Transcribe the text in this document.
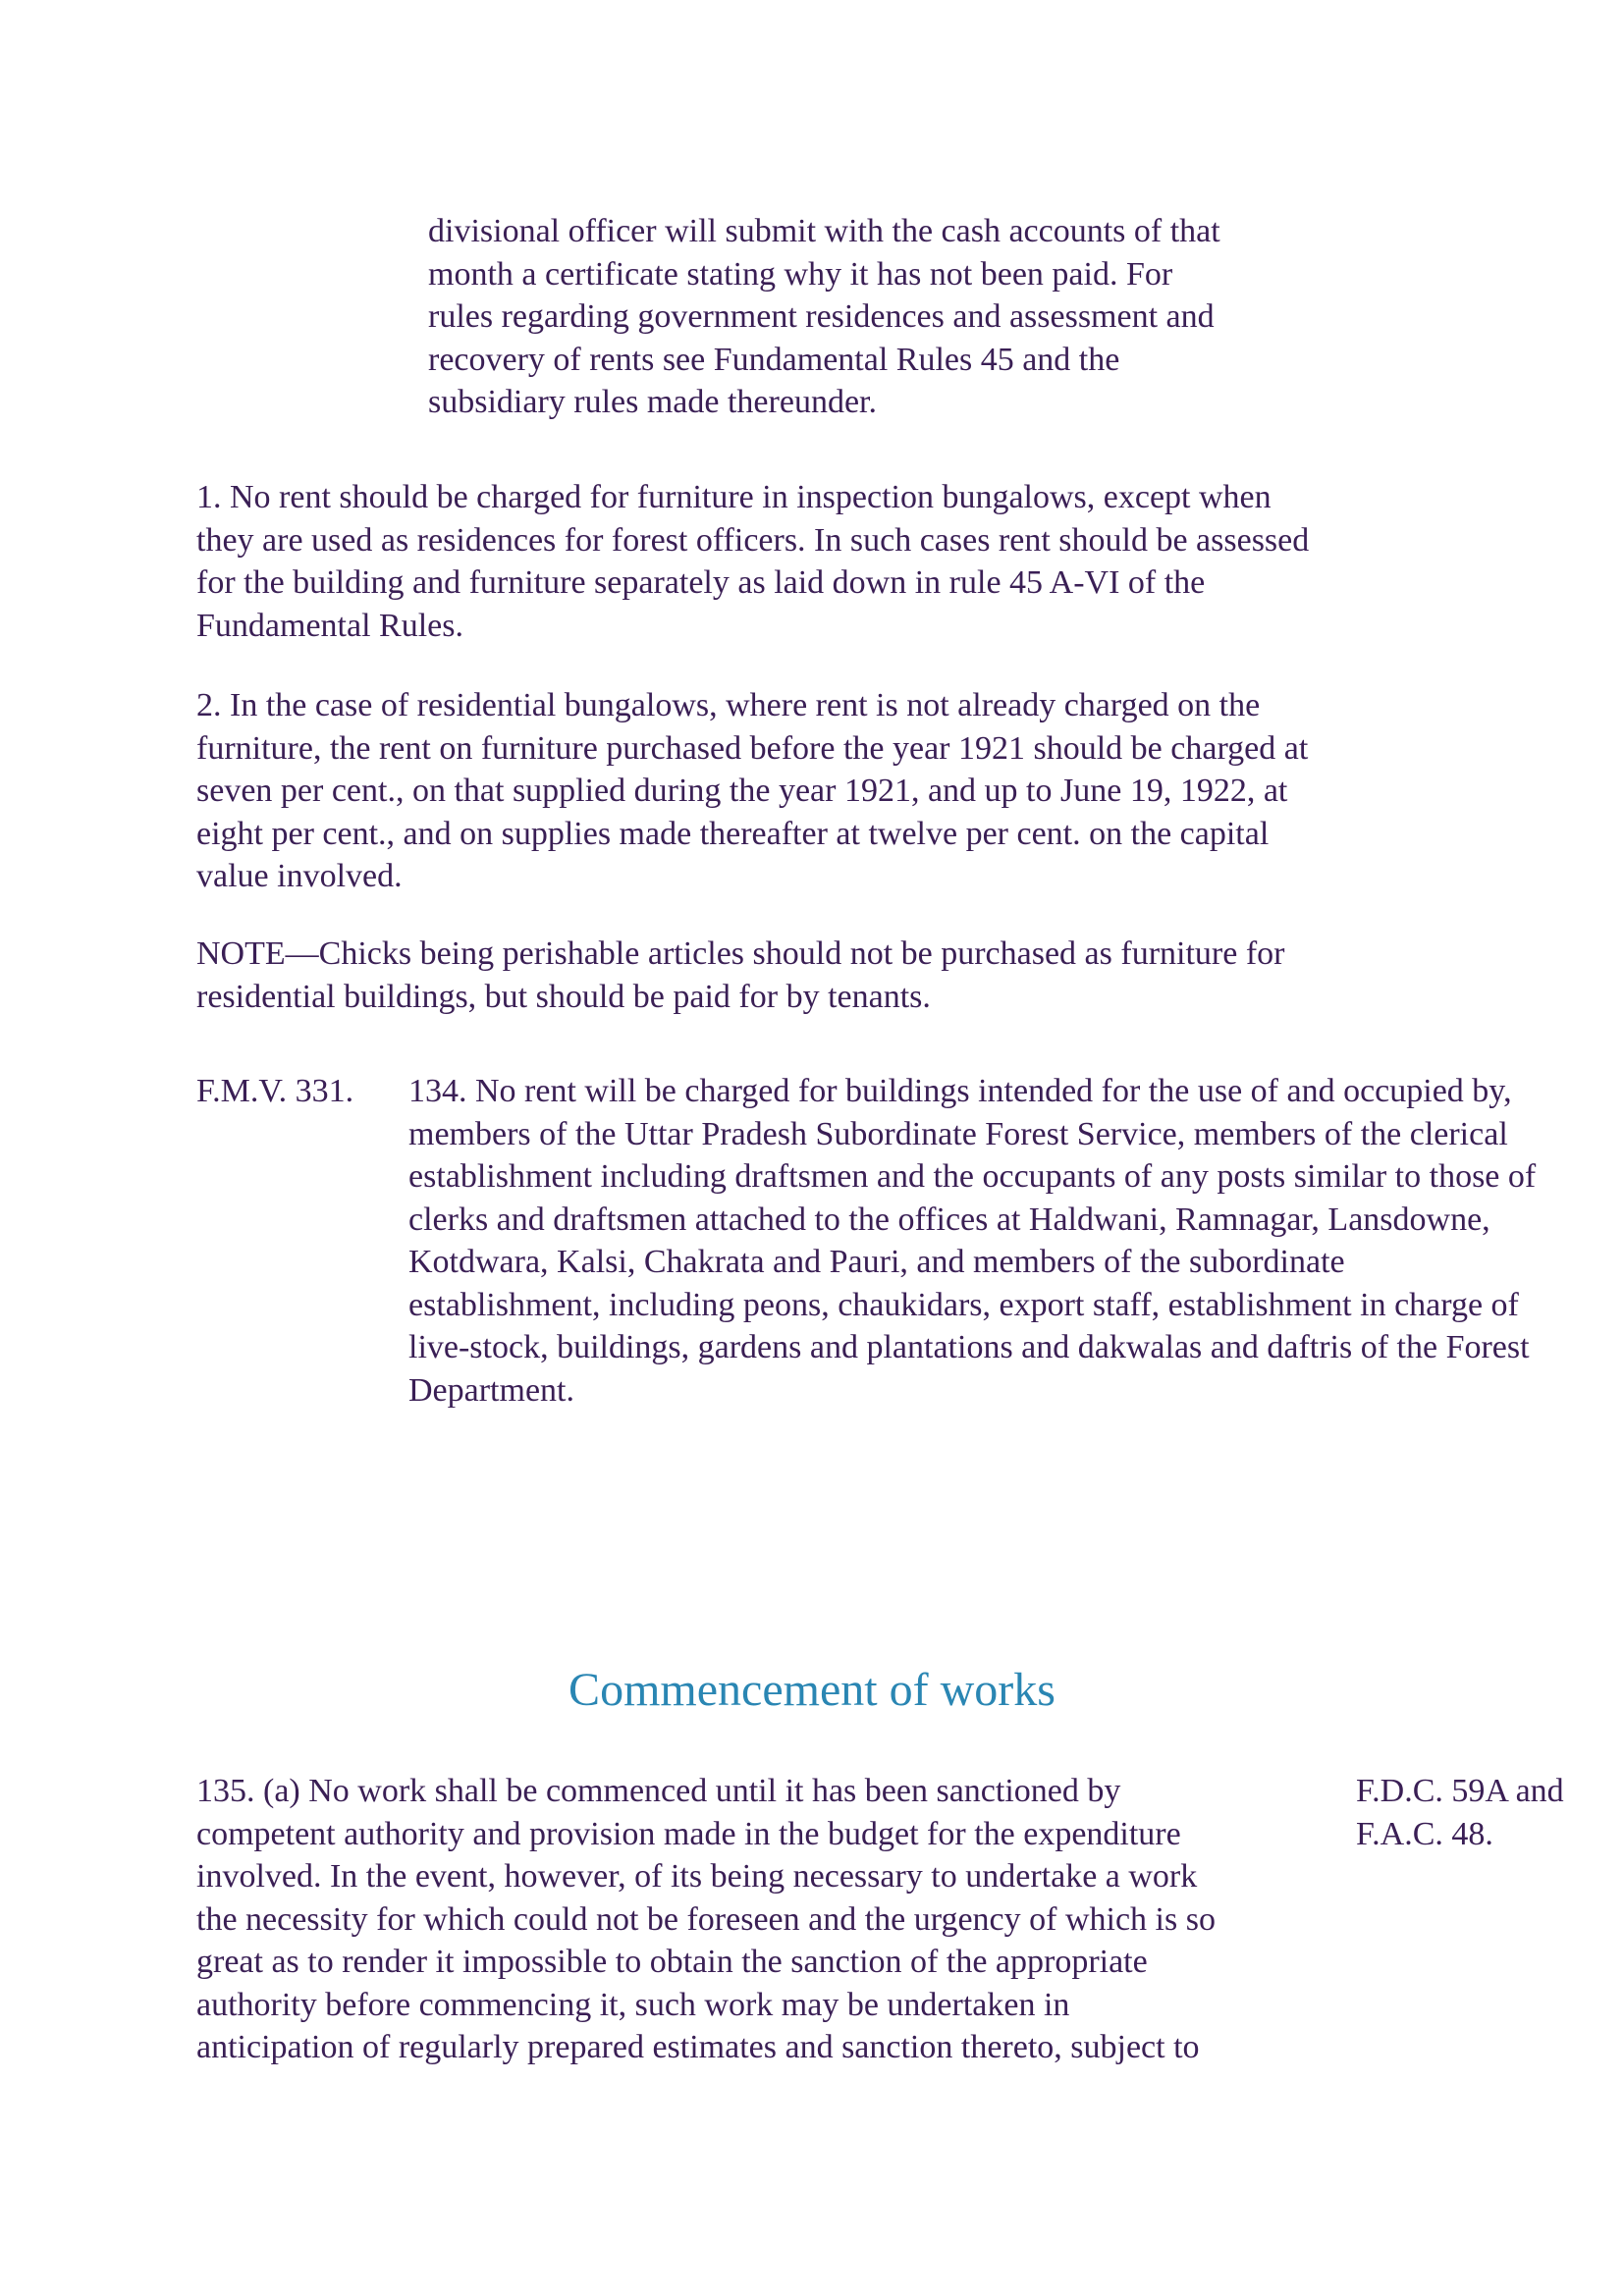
divisional officer will submit with the cash accounts of that
month a certificate stating why it has not been paid. For
rules regarding government residences and assessment and
recovery of rents see Fundamental Rules 45 and the
subsidiary rules made thereunder.
1. No rent should be charged for furniture in inspection bungalows, except when
they are used as residences for forest officers. In such cases rent should be assessed
for the building and furniture separately as laid down in rule 45 A-VI of the
Fundamental Rules.
2. In the case of residential bungalows, where rent is not already charged on the
furniture, the rent on furniture purchased before the year 1921 should be charged at
seven per cent., on that supplied during the year 1921, and up to June 19, 1922, at
eight per cent., and on supplies made thereafter at twelve per cent. on the capital
value involved.
NOTE—Chicks being perishable articles should not be purchased as furniture for
residential buildings, but should be paid for by tenants.
F.M.V. 331. 134. No rent will be charged for buildings intended for the use of and occupied by,
members of the Uttar Pradesh Subordinate Forest Service, members of the clerical
establishment including draftsmen and the occupants of any posts similar to those of
clerks and draftsmen attached to the offices at Haldwani, Ramnagar, Lansdowne,
Kotdwara, Kalsi, Chakrata and Pauri, and members of the subordinate
establishment, including peons, chaukidars, export staff, establishment in charge of
live-stock, buildings, gardens and plantations and dakwalas and daftris of the Forest
Department.
Commencement of works
135. (a) No work shall be commenced until it has been sanctioned by
competent authority and provision made in the budget for the expenditure
involved. In the event, however, of its being necessary to undertake a work
the necessity for which could not be foreseen and the urgency of which is so
great as to render it impossible to obtain the sanction of the appropriate
authority before commencing it, such work may be undertaken in
anticipation of regularly prepared estimates and sanction thereto, subject to
F.D.C. 59A and
F.A.C. 48.
